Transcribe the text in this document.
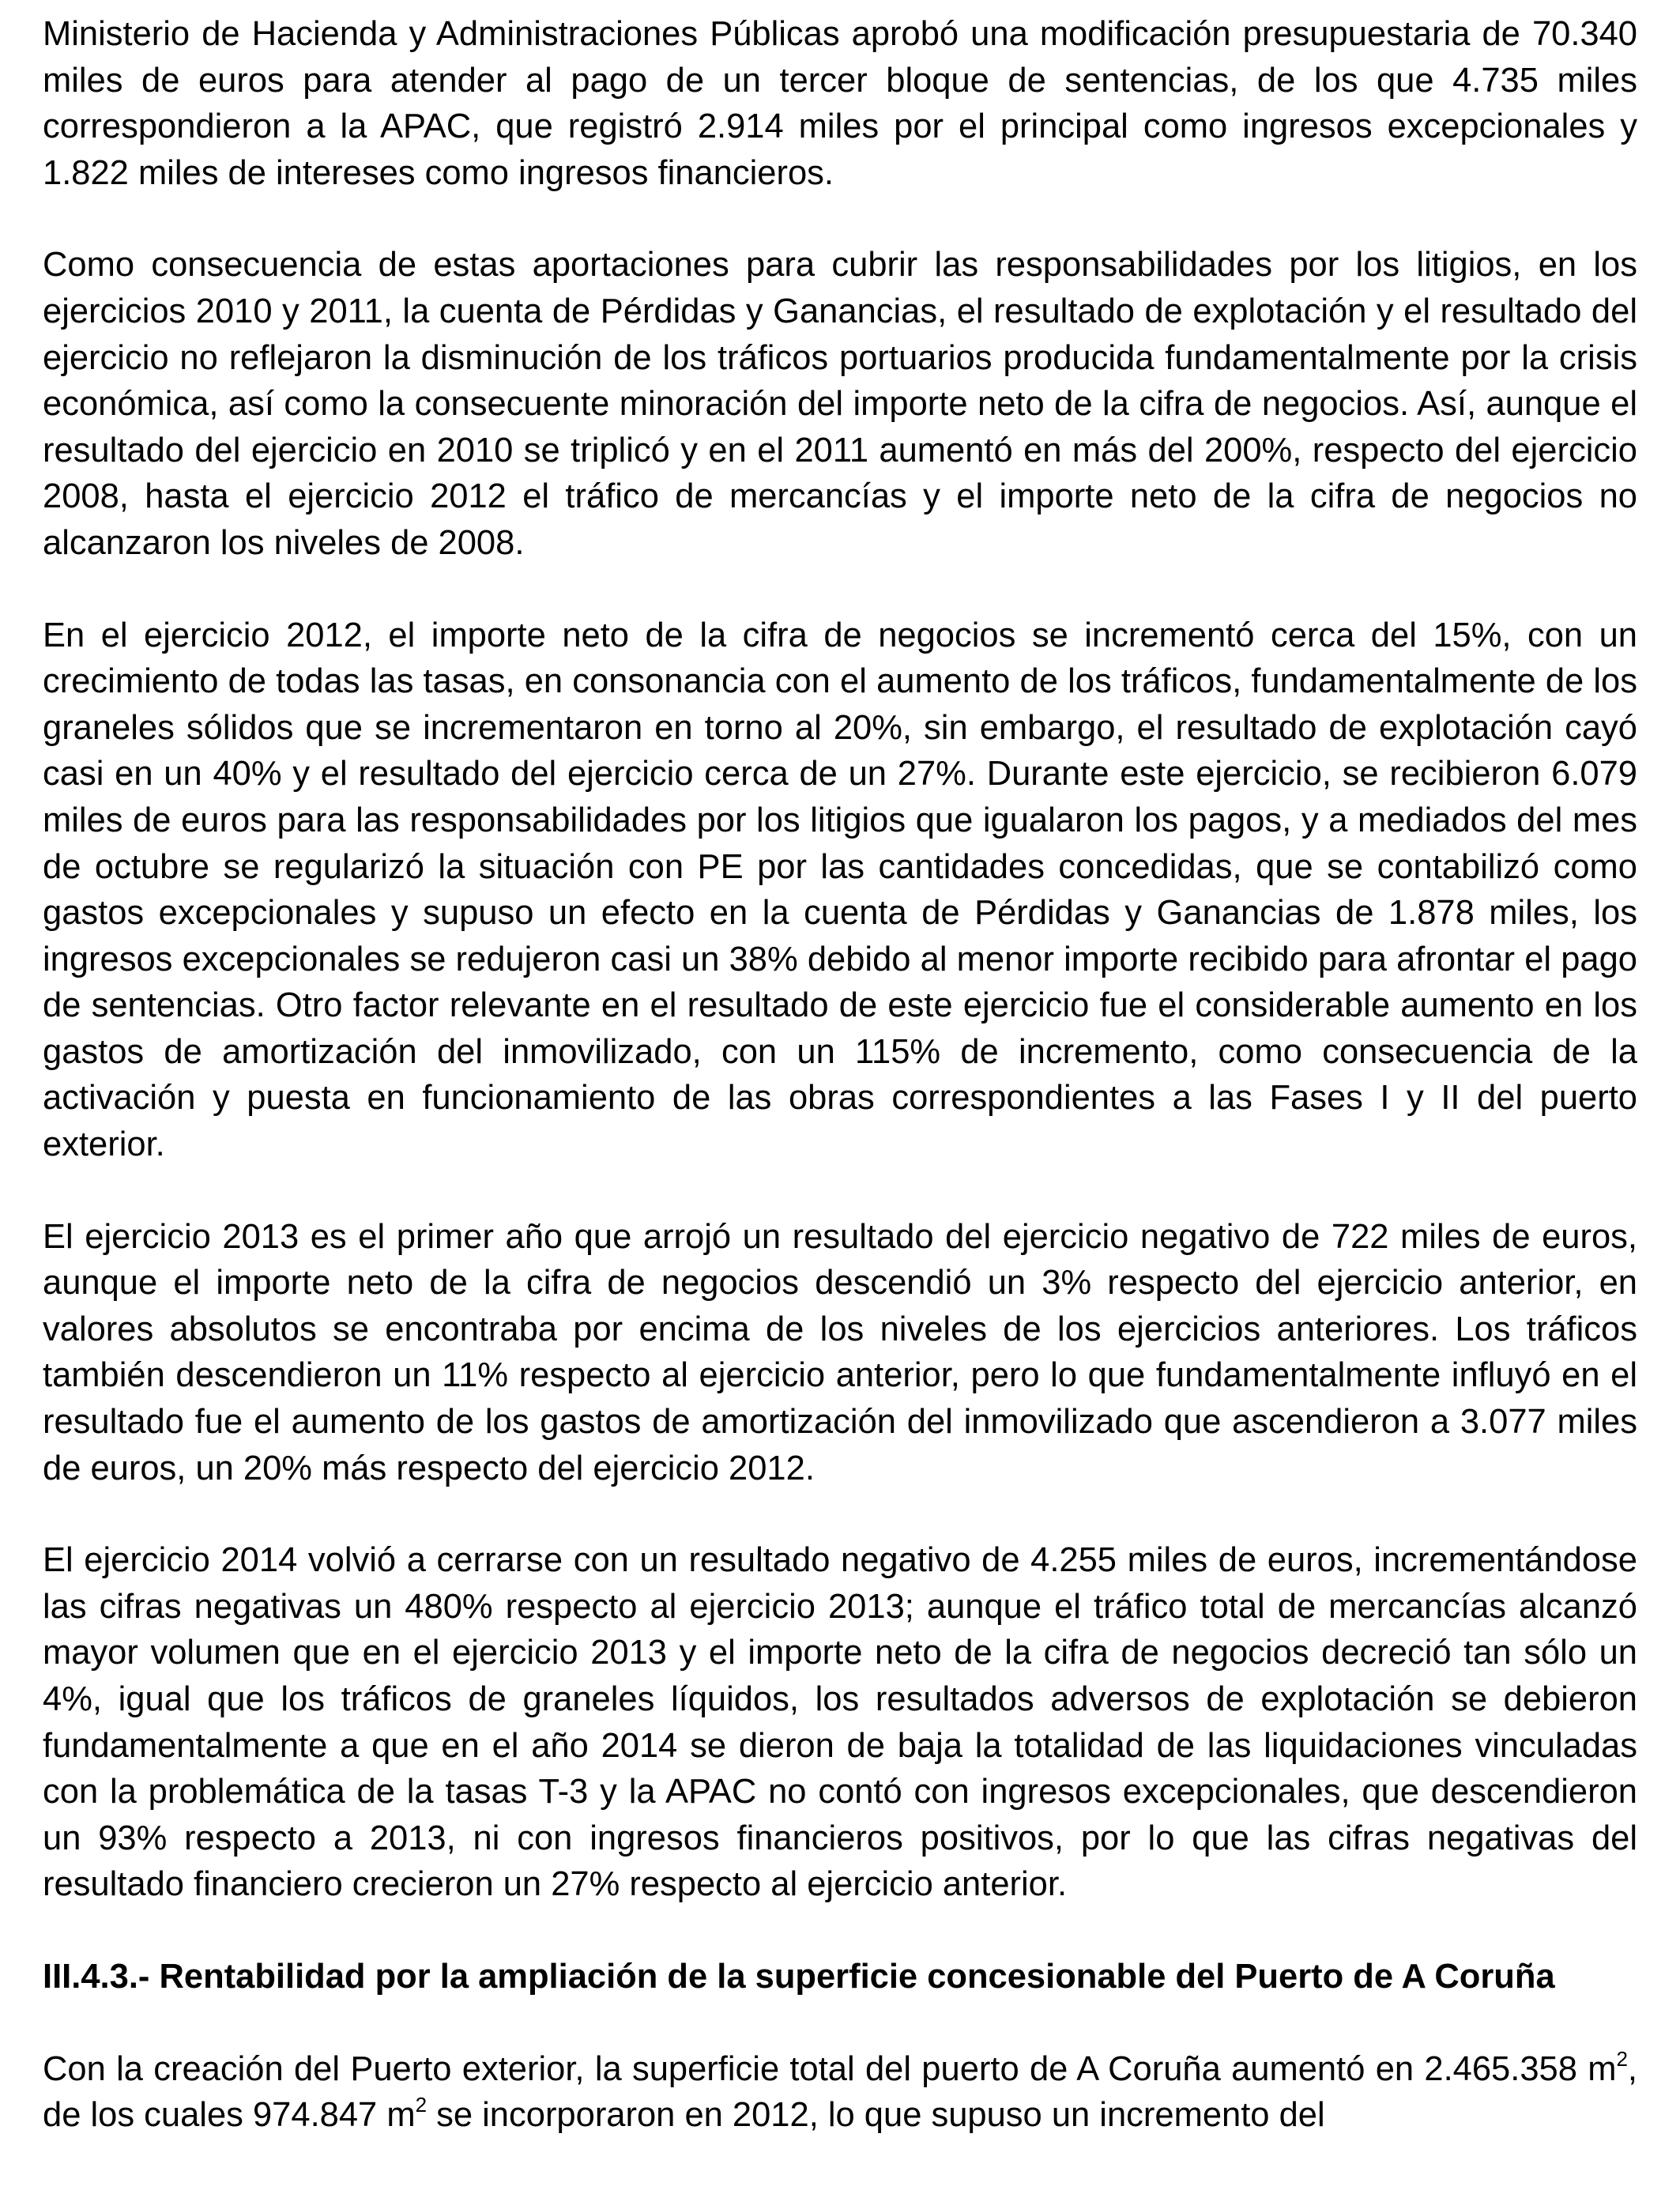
Ministerio de Hacienda y Administraciones Públicas aprobó una modificación presupuestaria de 70.340 miles de euros para atender al pago de un tercer bloque de sentencias, de los que 4.735 miles correspondieron a la APAC, que registró 2.914 miles por el principal como ingresos excepcionales y 1.822 miles de intereses como ingresos financieros.

Como consecuencia de estas aportaciones para cubrir las responsabilidades por los litigios, en los ejercicios 2010 y 2011, la cuenta de Pérdidas y Ganancias, el resultado de explotación y el resultado del ejercicio no reflejaron la disminución de los tráficos portuarios producida fundamentalmente por la crisis económica, así como la consecuente minoración del importe neto de la cifra de negocios. Así, aunque el resultado del ejercicio en 2010 se triplicó y en el 2011 aumentó en más del 200%, respecto del ejercicio 2008, hasta el ejercicio 2012 el tráfico de mercancías y el importe neto de la cifra de negocios no alcanzaron los niveles de 2008.

En el ejercicio 2012, el importe neto de la cifra de negocios se incrementó cerca del 15%, con un crecimiento de todas las tasas, en consonancia con el aumento de los tráficos, fundamentalmente de los graneles sólidos que se incrementaron en torno al 20%, sin embargo, el resultado de explotación cayó casi en un 40% y el resultado del ejercicio cerca de un 27%. Durante este ejercicio, se recibieron 6.079 miles de euros para las responsabilidades por los litigios que igualaron los pagos, y a mediados del mes de octubre se regularizó la situación con PE por las cantidades concedidas, que se contabilizó como gastos excepcionales y supuso un efecto en la cuenta de Pérdidas y Ganancias de 1.878 miles, los ingresos excepcionales se redujeron casi un 38% debido al menor importe recibido para afrontar el pago de sentencias. Otro factor relevante en el resultado de este ejercicio fue el considerable aumento en los gastos de amortización del inmovilizado, con un 115% de incremento, como consecuencia de la activación y puesta en funcionamiento de las obras correspondientes a las Fases I y II del puerto exterior.

El ejercicio 2013 es el primer año que arrojó un resultado del ejercicio negativo de 722 miles de euros, aunque el importe neto de la cifra de negocios descendió un 3% respecto del ejercicio anterior, en valores absolutos se encontraba por encima de los niveles de los ejercicios anteriores. Los tráficos también descendieron un 11% respecto al ejercicio anterior, pero lo que fundamentalmente influyó en el resultado fue el aumento de los gastos de amortización del inmovilizado que ascendieron a 3.077 miles de euros, un 20% más respecto del ejercicio 2012.

El ejercicio 2014 volvió a cerrarse con un resultado negativo de 4.255 miles de euros, incrementándose las cifras negativas un 480% respecto al ejercicio 2013; aunque el tráfico total de mercancías alcanzó mayor volumen que en el ejercicio 2013 y el importe neto de la cifra de negocios decreció tan sólo un 4%, igual que los tráficos de graneles líquidos, los resultados adversos de explotación se debieron fundamentalmente a que en el año 2014 se dieron de baja la totalidad de las liquidaciones vinculadas con la problemática de la tasas T-3 y la APAC no contó con ingresos excepcionales, que descendieron un 93% respecto a 2013, ni con ingresos financieros positivos, por lo que las cifras negativas del resultado financiero crecieron un 27% respecto al ejercicio anterior.

III.4.3.- Rentabilidad por la ampliación de la superficie concesionable del Puerto de A Coruña

Con la creación del Puerto exterior, la superficie total del puerto de A Coruña aumentó en 2.465.358 $m^2$, de los cuales 974.847 $m^2$ se incorporaron en 2012, lo que supuso un incremento del
